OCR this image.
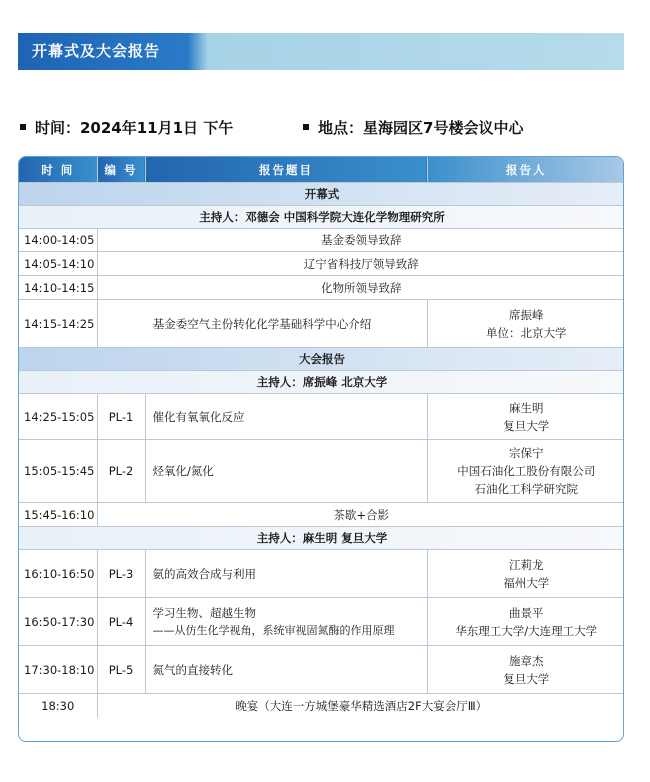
开幕式及大会报告
时间：2024年11月1日 下午	地点：星海园区7号楼会议中心
时 间	编 号	报告题目	报告人
开幕式			
主持人：邓德会 中国科学院大连化学物理研究所			
14:00-14:05	基金委领导致辞		
14:05-14:10	辽宁省科技厅领导致辞		
14:10-14:15	化物所领导致辞		
14:15-14:25	基金委空气主份转化化学基础科学中心介绍		席振峰
单位：北京大学

大会报告			
主持人：席振峰 北京大学			
14:25-15:05	PL-1	催化有氧氧化反应	麻生明
复旦大学

15:05-15:45	PL-2	烃氧化/氮化	宗保宁
中国石油化工股份有限公司
石油化工科学研究院

15:45-16:10	茶歇+合影		
主持人：麻生明 复旦大学			
16:10-16:50	PL-3	氨的高效合成与利用	江莉龙
福州大学

16:50-17:30	PL-4	学习生物、超越生物
——从仿生化学视角，系统审视固氮酶的作用原理	曲景平
华东理工大学/大连理工大学

17:30-18:10	PL-5	氮气的直接转化	施章杰
复旦大学

18:30	晚宴（大连一方城堡豪华精选酒店2F大宴会厅Ⅲ）		
